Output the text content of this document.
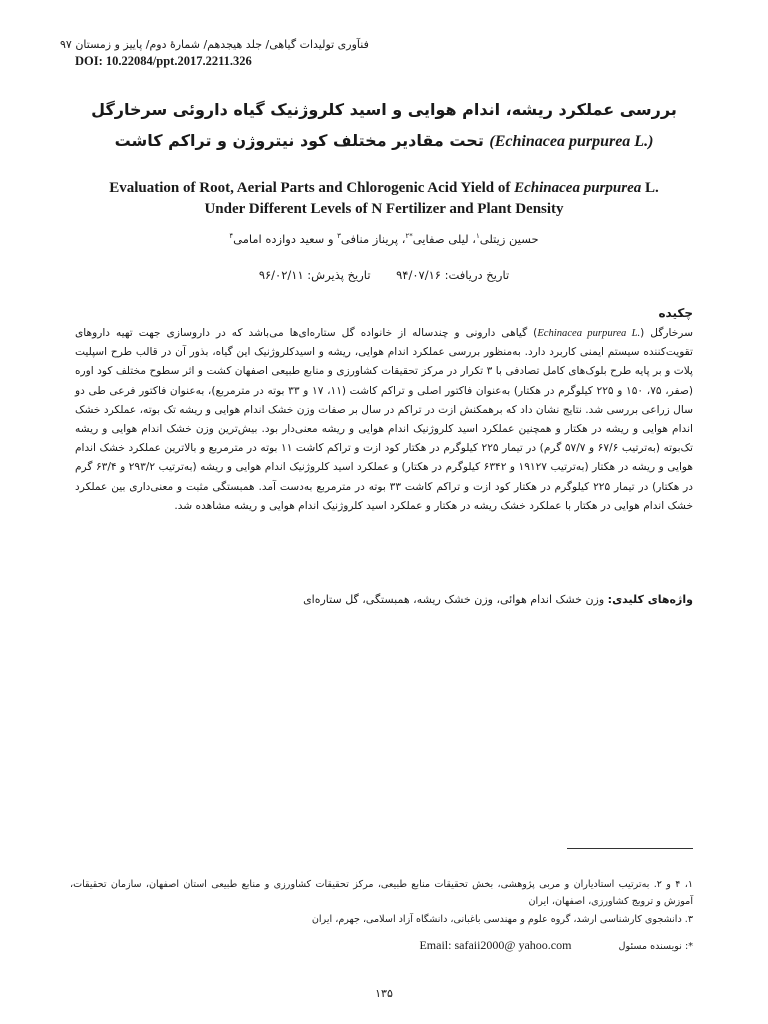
فنآوری تولیدات گیاهی/ جلد هیجدهم/ شمارهٔ دوم/ پاییز و زمستان ۹۷
DOI: 10.22084/ppt.2017.2211.326
بررسی عملکرد ریشه، اندام هوایی و اسید کلروژنیک گیاه داروئی سرخارگل
(Echinacea purpurea L.) تحت مقادیر مختلف کود نیتروژن و تراکم کاشت
Evaluation of Root, Aerial Parts and Chlorogenic Acid Yield of Echinacea purpurea L.
Under Different Levels of N Fertilizer and Plant Density
حسین زیتلی$^۱$، لیلی صفایی$^{*۲}$، پریناز منافی$^۳$ و سعید دوازده امامی$^۴$
تاریخ دریافت: ۹۴/۰۷/۱۶       تاریخ پذیرش: ۹۶/۰۲/۱۱
چکیده
سرخارگل (Echinacea purpurea L.) گیاهی دارونی و چندساله از خانواده گل ستاره‌ای‌ها می‌باشد که در داروسازی جهت تهیه داروهای تقویت‌کننده سیستم ایمنی کاربرد دارد. به‌منظور بررسی عملکرد اندام هوایی، ریشه و اسیدکلروژنیک این گیاه، بذور آن در قالب طرح اسپلیت پلات و بر پایه طرح بلوک‌های کامل تصادفی با ۳ تکرار در مرکز تحقیقات کشاورزی و منابع طبیعی اصفهان کشت و اثر سطوح مختلف کود اوره (صفر، ۷۵، ۱۵۰ و ۲۲۵ کیلوگرم در هکتار) به‌عنوان فاکتور اصلی و تراکم کاشت (۱۱، ۱۷ و ۳۳ بوته در مترمربع)، به‌عنوان فاکتور فرعی طی دو سال زراعی بررسی شد. نتایج نشان داد که برهمکنش ازت در تراکم در سال بر صفات وزن خشک اندام هوایی و ریشه تک بوته، عملکرد خشک اندام هوایی و ریشه در هکتار و همچنین عملکرد اسید کلروژنیک اندام هوایی و ریشه معنی‌دار بود. بیش‌ترین وزن خشک اندام هوایی و ریشه تک‌بوته (به‌ترتیب ۶۷/۶ و ۵۷/۷ گرم) در تیمار ۲۲۵ کیلوگرم در هکتار کود ازت و تراکم کاشت ۱۱ بوته در مترمربع و بالاترین عملکرد خشک اندام هوایی و ریشه در هکتار (به‌ترتیب ۱۹۱۲۷ و ۶۳۴۲ کیلوگرم در هکتار) و عملکرد اسید کلروژنیک اندام هوایی و ریشه (به‌ترتیب ۲۹۳/۲ و ۶۳/۴ گرم در هکتار) در تیمار ۲۲۵ کیلوگرم در هکتار کود ازت و تراکم کاشت ۳۳ بوته در مترمربع به‌دست آمد. همبستگی مثبت و معنی‌داری بین عملکرد خشک اندام هوایی در هکتار با عملکرد خشک ریشه در هکتار و عملکرد اسید کلروژنیک اندام هوایی و ریشه مشاهده شد.
واژه‌های کلیدی: وزن خشک اندام هوائی، وزن خشک ریشه، همبستگی، گل ستاره‌ای
۱، ۴ و ۲. به‌ترتیب استادیاران و مربی پژوهشی، بخش تحقیقات منابع طبیعی، مرکز تحقیقات کشاورزی و منابع طبیعی استان اصفهان، سازمان تحقیقات، آموزش و ترویج کشاورزی، اصفهان، ایران
۳. دانشجوی کارشناسی ارشد، گروه علوم و مهندسی باغبانی، دانشگاه آزاد اسلامی، جهرم، ایران
*: نویسنده مسئول Email: safaii2000@ yahoo.com
۱۳۵
